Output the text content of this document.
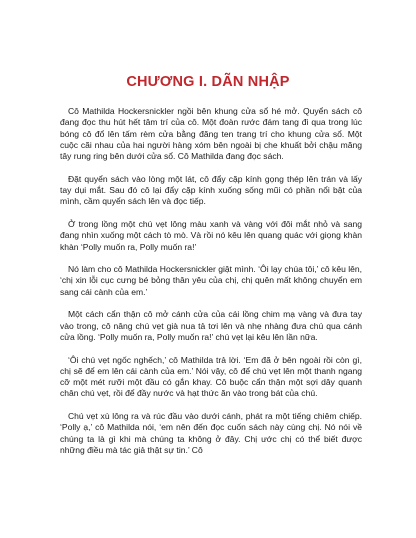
CHƯƠNG I. DÃN NHẬP

Cô Mathilda Hockersnickler ngồi bên khung cửa sổ hé mở. Quyển sách cô đang đọc thu hút hết tâm trí của cô. Một đoàn rước đám tang đi qua trong lúc bóng cô đổ lên tấm rèm cửa bằng đăng ten trang trí cho khung cửa sổ. Một cuộc cãi nhau của hai người hàng xóm bên ngoài bị che khuất bởi chậu măng tây rung ring bên dưới cửa sổ. Cô Mathilda đang đọc sách.

Đặt quyển sách vào lòng một lát, cô đẩy cặp kính gọng thép lên trán và lấy tay dụi mắt. Sau đó cô lại đẩy cặp kính xuống sống mũi có phần nổi bật của mình, cầm quyển sách lên và đọc tiếp.

Ở trong lồng một chú vẹt lông màu xanh và vàng với đôi mắt nhỏ và sang đang nhìn xuống một cách tò mò. Và rồi nó kêu lên quang quác với giọng khàn khàn ‘Polly muốn ra, Polly muốn ra!’

Nó làm cho cô Mathilda Hockersnickler giật mình. ‘Ôi lạy chúa tôi,’ cô kêu lên, ‘chị xin lỗi cục cưng bé bỏng thân yêu của chị, chị quên mất không chuyển em sang cái cành của em.’

Một cách cẩn thận cô mở cánh cửa của cái lồng chim mạ vàng và đưa tay vào trong, cô nâng chú vẹt già nua tả tơi lên và nhẹ nhàng đưa chú qua cánh cửa lồng. ‘Polly muốn ra, Polly muốn ra!’ chú vẹt lại kêu lên lần nữa.

‘Ôi chú vẹt ngốc nghếch,’ cô Mathilda trả lời. ‘Em đã ở bên ngoài rồi còn gì, chị sẽ để em lên cái cành của em.’ Nói vậy, cô để chú vẹt lên một thanh ngang cỡ một mét rưỡi một đầu có gắn khay. Cô buộc cẩn thận một sợi dây quanh chân chú vẹt, rồi để đầy nước và hạt thức ăn vào trong bát của chú.

Chú vẹt xù lông ra và rúc đầu vào dưới cánh, phát ra một tiếng chiêm chiếp. ‘Polly ạ,’ cô Mathilda nói, ‘em nên đến đọc cuốn sách này cùng chị. Nó nói về chúng ta là gì khi mà chúng ta không ở đây. Chị ước chị có thể biết được những điều mà tác giả thật sự tin.’ Cô
